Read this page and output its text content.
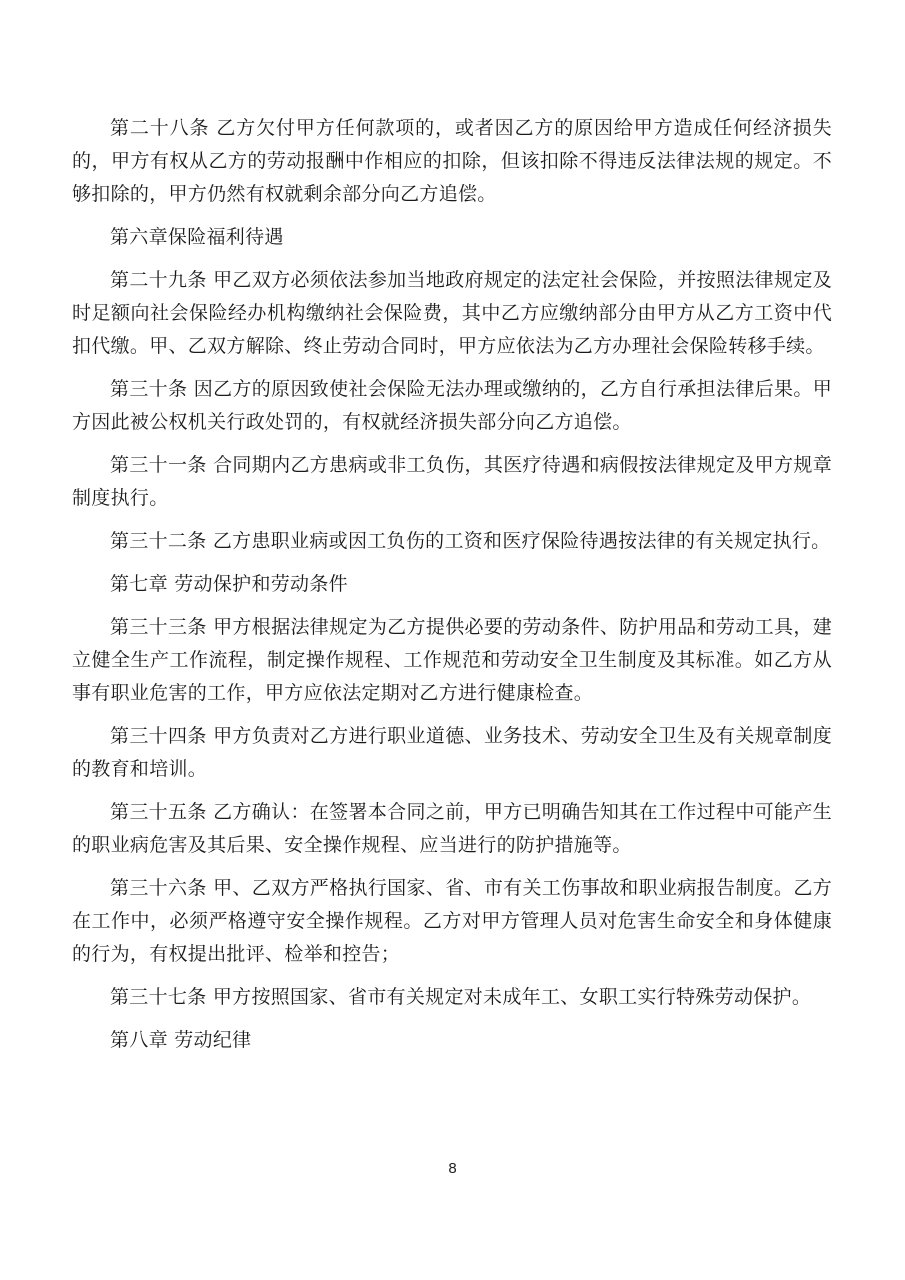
第二十八条 乙方欠付甲方任何款项的，或者因乙方的原因给甲方造成任何经济损失的，甲方有权从乙方的劳动报酬中作相应的扣除，但该扣除不得违反法律法规的规定。不够扣除的，甲方仍然有权就剩余部分向乙方追偿。

第六章保险福利待遇

第二十九条 甲乙双方必须依法参加当地政府规定的法定社会保险，并按照法律规定及时足额向社会保险经办机构缴纳社会保险费，其中乙方应缴纳部分由甲方从乙方工资中代扣代缴。甲、乙双方解除、终止劳动合同时，甲方应依法为乙方办理社会保险转移手续。

第三十条 因乙方的原因致使社会保险无法办理或缴纳的，乙方自行承担法律后果。甲方因此被公权机关行政处罚的，有权就经济损失部分向乙方追偿。

第三十一条 合同期内乙方患病或非工负伤，其医疗待遇和病假按法律规定及甲方规章制度执行。

第三十二条 乙方患职业病或因工负伤的工资和医疗保险待遇按法律的有关规定执行。

第七章 劳动保护和劳动条件

第三十三条 甲方根据法律规定为乙方提供必要的劳动条件、防护用品和劳动工具，建立健全生产工作流程，制定操作规程、工作规范和劳动安全卫生制度及其标准。如乙方从事有职业危害的工作，甲方应依法定期对乙方进行健康检查。

第三十四条 甲方负责对乙方进行职业道德、业务技术、劳动安全卫生及有关规章制度的教育和培训。

第三十五条 乙方确认：在签署本合同之前，甲方已明确告知其在工作过程中可能产生的职业病危害及其后果、安全操作规程、应当进行的防护措施等。

第三十六条 甲、乙双方严格执行国家、省、市有关工伤事故和职业病报告制度。乙方在工作中，必须严格遵守安全操作规程。乙方对甲方管理人员对危害生命安全和身体健康的行为，有权提出批评、检举和控告；

第三十七条 甲方按照国家、省市有关规定对未成年工、女职工实行特殊劳动保护。

第八章 劳动纪律

8
